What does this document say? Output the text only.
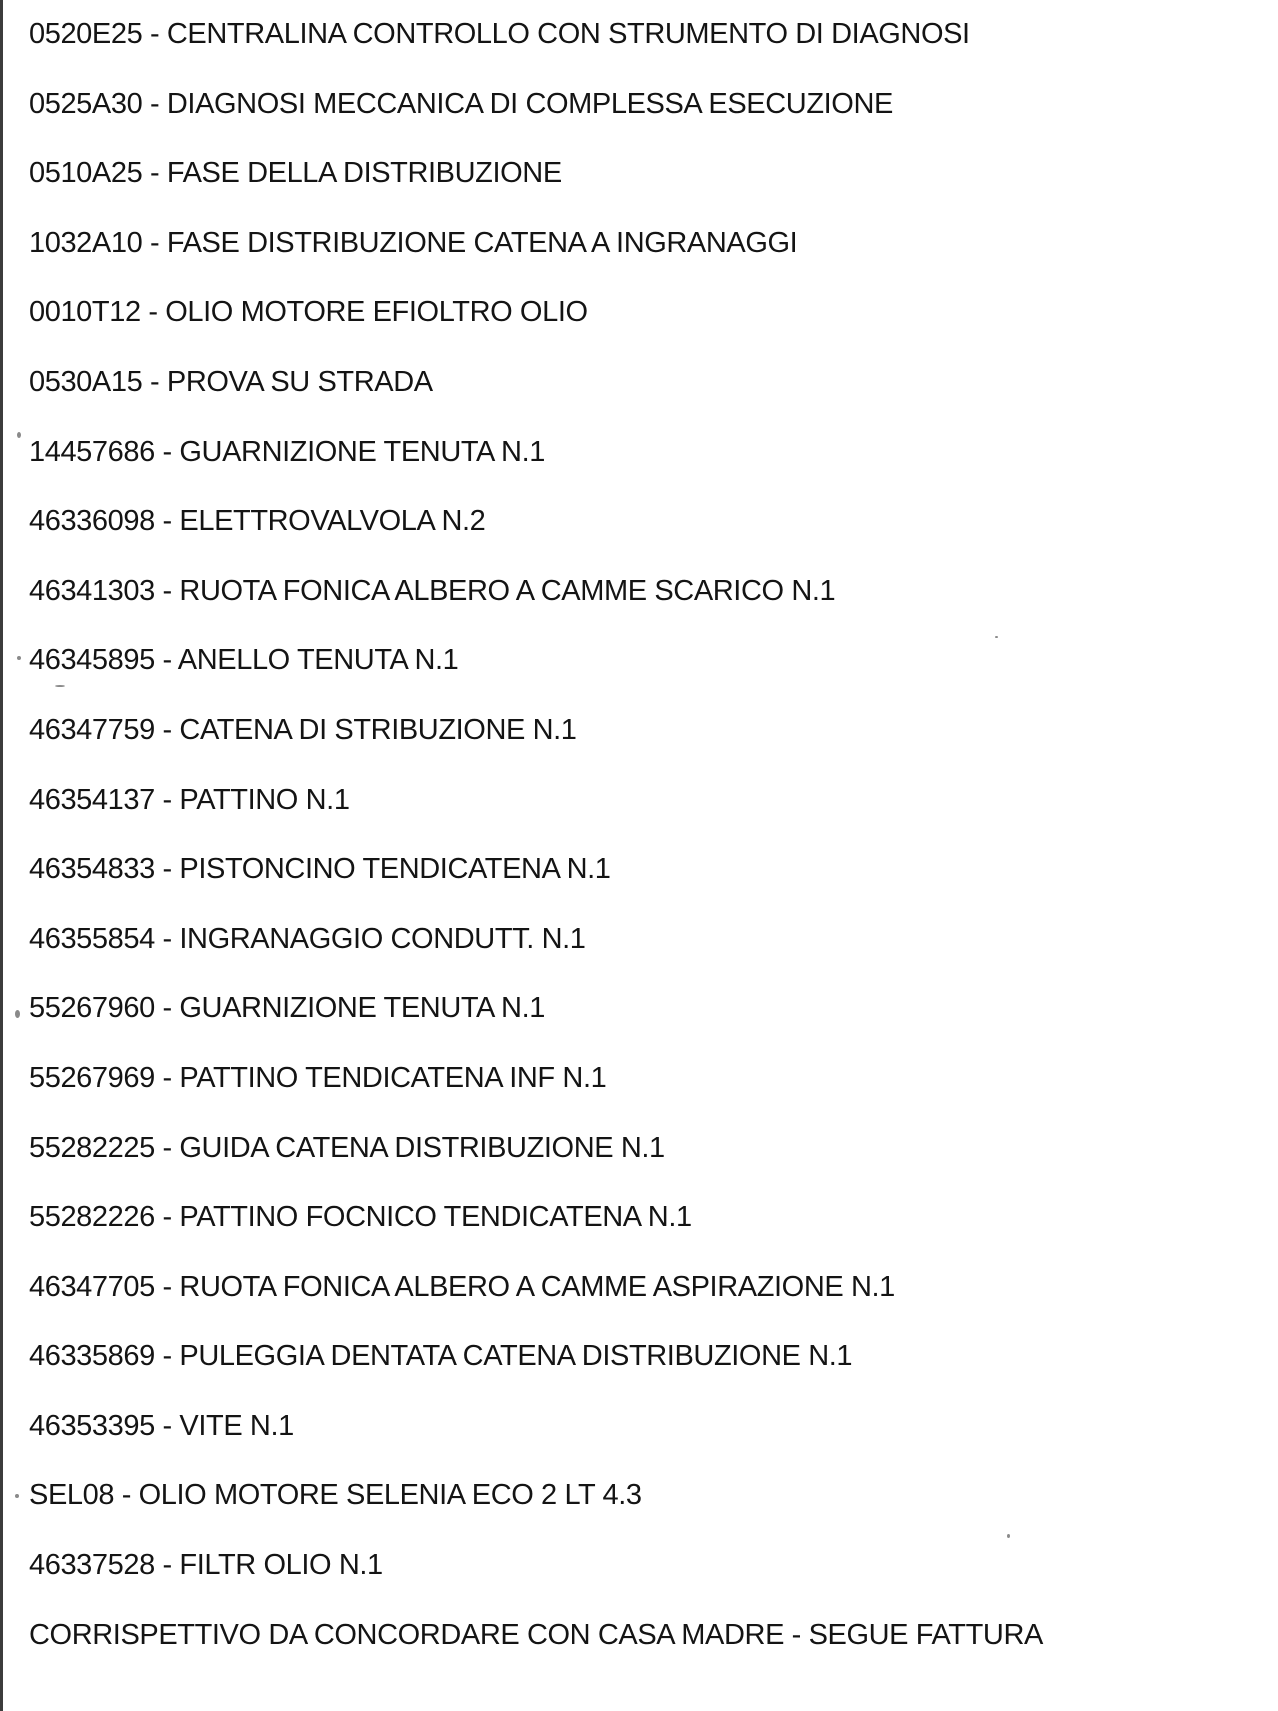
0520E25 - CENTRALINA CONTROLLO CON STRUMENTO DI DIAGNOSI
0525A30 - DIAGNOSI MECCANICA DI COMPLESSA ESECUZIONE
0510A25 - FASE DELLA DISTRIBUZIONE
1032A10 - FASE DISTRIBUZIONE CATENA A INGRANAGGI
0010T12 - OLIO MOTORE EFIOLTRO OLIO
0530A15 - PROVA SU STRADA
14457686 - GUARNIZIONE TENUTA N.1
46336098 - ELETTROVALVOLA N.2
46341303 - RUOTA FONICA ALBERO A CAMME SCARICO N.1
46345895 - ANELLO TENUTA N.1
46347759 - CATENA DI STRIBUZIONE N.1
46354137 - PATTINO N.1
46354833 - PISTONCINO TENDICATENA N.1
46355854 - INGRANAGGIO CONDUTT. N.1
55267960 - GUARNIZIONE TENUTA N.1
55267969 - PATTINO TENDICATENA INF N.1
55282225 - GUIDA CATENA DISTRIBUZIONE N.1
55282226 - PATTINO FOCNICO TENDICATENA N.1
46347705 - RUOTA FONICA ALBERO A CAMME ASPIRAZIONE N.1
46335869 - PULEGGIA DENTATA CATENA DISTRIBUZIONE N.1
46353395 - VITE N.1
SEL08 - OLIO MOTORE SELENIA ECO 2 LT 4.3
46337528 - FILTR OLIO N.1
CORRISPETTIVO DA CONCORDARE CON CASA MADRE - SEGUE FATTURA
